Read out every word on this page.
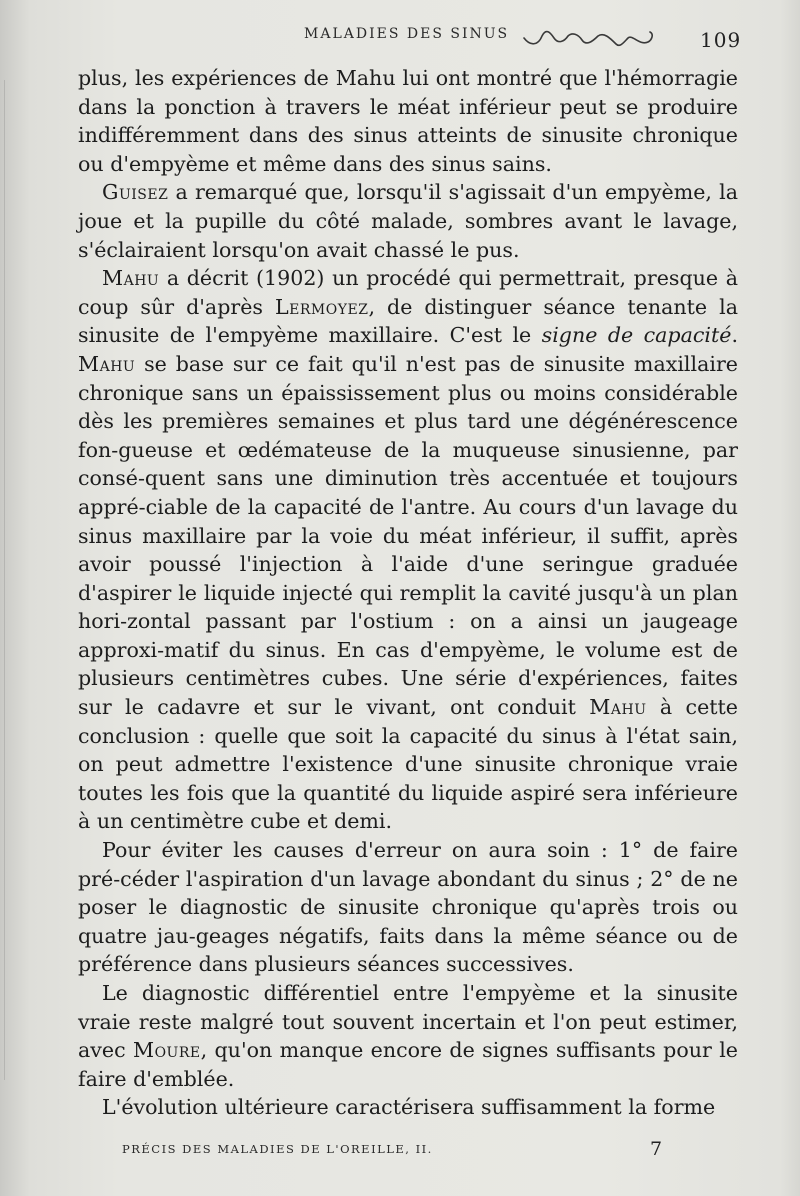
MALADIES DES SINUS	109

plus, les expériences de Mahu lui ont montré que l'hémorragie dans la ponction à travers le méat inférieur peut se produire indifféremment dans des sinus atteints de sinusite chronique ou d'empyème et même dans des sinus sains.

Guisez a remarqué que, lorsqu'il s'agissait d'un empyème, la joue et la pupille du côté malade, sombres avant le lavage, s'éclairaient lorsqu'on avait chassé le pus.

Mahu a décrit (1902) un procédé qui permettrait, presque à coup sûr d'après Lermoyez, de distinguer séance tenante la sinusite de l'empyème maxillaire. C'est le signe de capacité. Mahu se base sur ce fait qu'il n'est pas de sinusite maxillaire chronique sans un épaississement plus ou moins considérable dès les premières semaines et plus tard une dégénérescence fon-gueuse et œdémateuse de la muqueuse sinusienne, par consé-quent sans une diminution très accentuée et toujours appré-ciable de la capacité de l'antre. Au cours d'un lavage du sinus maxillaire par la voie du méat inférieur, il suffit, après avoir poussé l'injection à l'aide d'une seringue graduée d'aspirer le liquide injecté qui remplit la cavité jusqu'à un plan hori-zontal passant par l'ostium : on a ainsi un jaugeage approxi-matif du sinus. En cas d'empyème, le volume est de plusieurs centimètres cubes. Une série d'expériences, faites sur le cadavre et sur le vivant, ont conduit Mahu à cette conclusion : quelle que soit la capacité du sinus à l'état sain, on peut admettre l'existence d'une sinusite chronique vraie toutes les fois que la quantité du liquide aspiré sera inférieure à un centimètre cube et demi.

Pour éviter les causes d'erreur on aura soin : 1° de faire pré-céder l'aspiration d'un lavage abondant du sinus ; 2° de ne poser le diagnostic de sinusite chronique qu'après trois ou quatre jau-geages négatifs, faits dans la même séance ou de préférence dans plusieurs séances successives.

Le diagnostic différentiel entre l'empyème et la sinusite vraie reste malgré tout souvent incertain et l'on peut estimer, avec Moure, qu'on manque encore de signes suffisants pour le faire d'emblée.

L'évolution ultérieure caractérisera suffisamment la forme

PRÉCIS DES MALADIES DE L'OREILLE, II.	7
